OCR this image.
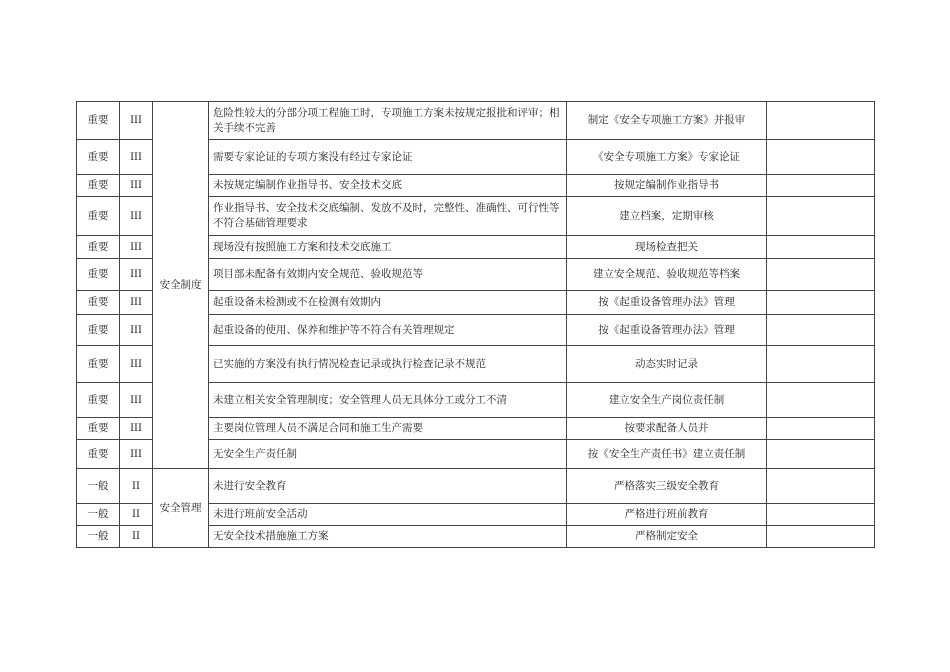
重要	III	安全制度	危险性较大的分部分项工程施工时，专项施工方案未按规定报批和评审；相关手续不完善	制定《安全专项施工方案》并报审	
重要	III		需要专家论证的专项方案没有经过专家论证	《安全专项施工方案》专家论证	
重要	III		未按规定编制作业指导书、安全技术交底	按规定编制作业指导书	
重要	III		作业指导书、安全技术交底编制、发放不及时，完整性、准确性、可行性等不符合基础管理要求	建立档案，定期审核	
重要	III		现场没有按照施工方案和技术交底施工	现场检查把关	
重要	III		项目部未配备有效期内安全规范、验收规范等	建立安全规范、验收规范等档案	
重要	III		起重设备未检测或不在检测有效期内	按《起重设备管理办法》管理	
重要	III		起重设备的使用、保养和维护等不符合有关管理规定	按《起重设备管理办法》管理	
重要	III		已实施的方案没有执行情况检查记录或执行检查记录不规范	动态实时记录	
重要	III		未建立相关安全管理制度；安全管理人员无具体分工或分工不清	建立安全生产岗位责任制	
重要	III		主要岗位管理人员不满足合同和施工生产需要	按要求配备人员并	
重要	III		无安全生产责任制	按《安全生产责任书》建立责任制	
一般	II	安全管理	未进行安全教育	严格落实三级安全教育	
一般	II		未进行班前安全活动	严格进行班前教育	
一般	II		无安全技术措施施工方案	严格制定安全	
